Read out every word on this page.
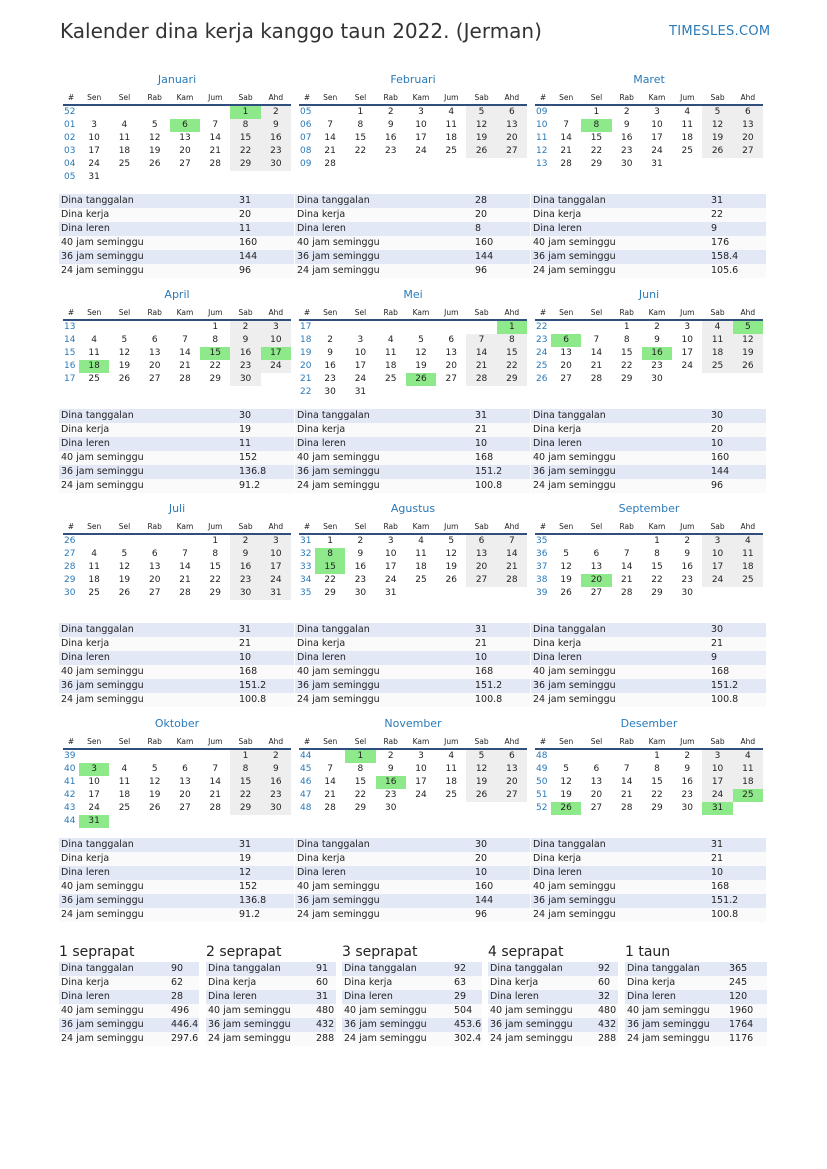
Kalender dina kerja kanggo taun 2022. (Jerman)	TIMESLES.COM
Januari
#	Sen	Sel	Rab	Kam	Jum	Sab	Ahd
52						1	2
01	3	4	5	6	7	8	9
02	10	11	12	13	14	15	16
03	17	18	19	20	21	22	23
04	24	25	26	27	28	29	30
05	31						
Dina tanggalan	31
Dina kerja	20
Dina leren	11
40 jam seminggu	160
36 jam seminggu	144
24 jam seminggu	96
Februari
#	Sen	Sel	Rab	Kam	Jum	Sab	Ahd
05		1	2	3	4	5	6
06	7	8	9	10	11	12	13
07	14	15	16	17	18	19	20
08	21	22	23	24	25	26	27
09	28						
Dina tanggalan	28
Dina kerja	20
Dina leren	8
40 jam seminggu	160
36 jam seminggu	144
24 jam seminggu	96
Maret
#	Sen	Sel	Rab	Kam	Jum	Sab	Ahd
09		1	2	3	4	5	6
10	7	8	9	10	11	12	13
11	14	15	16	17	18	19	20
12	21	22	23	24	25	26	27
13	28	29	30	31			
Dina tanggalan	31
Dina kerja	22
Dina leren	9
40 jam seminggu	176
36 jam seminggu	158.4
24 jam seminggu	105.6
April
#	Sen	Sel	Rab	Kam	Jum	Sab	Ahd
13					1	2	3
14	4	5	6	7	8	9	10
15	11	12	13	14	15	16	17
16	18	19	20	21	22	23	24
17	25	26	27	28	29	30	
Dina tanggalan	30
Dina kerja	19
Dina leren	11
40 jam seminggu	152
36 jam seminggu	136.8
24 jam seminggu	91.2
Mei
#	Sen	Sel	Rab	Kam	Jum	Sab	Ahd
17							1
18	2	3	4	5	6	7	8
19	9	10	11	12	13	14	15
20	16	17	18	19	20	21	22
21	23	24	25	26	27	28	29
22	30	31					
Dina tanggalan	31
Dina kerja	21
Dina leren	10
40 jam seminggu	168
36 jam seminggu	151.2
24 jam seminggu	100.8
Juni
#	Sen	Sel	Rab	Kam	Jum	Sab	Ahd
22			1	2	3	4	5
23	6	7	8	9	10	11	12
24	13	14	15	16	17	18	19
25	20	21	22	23	24	25	26
26	27	28	29	30			
Dina tanggalan	30
Dina kerja	20
Dina leren	10
40 jam seminggu	160
36 jam seminggu	144
24 jam seminggu	96
Juli
#	Sen	Sel	Rab	Kam	Jum	Sab	Ahd
26					1	2	3
27	4	5	6	7	8	9	10
28	11	12	13	14	15	16	17
29	18	19	20	21	22	23	24
30	25	26	27	28	29	30	31
Dina tanggalan	31
Dina kerja	21
Dina leren	10
40 jam seminggu	168
36 jam seminggu	151.2
24 jam seminggu	100.8
Agustus
#	Sen	Sel	Rab	Kam	Jum	Sab	Ahd
31	1	2	3	4	5	6	7
32	8	9	10	11	12	13	14
33	15	16	17	18	19	20	21
34	22	23	24	25	26	27	28
35	29	30	31				
Dina tanggalan	31
Dina kerja	21
Dina leren	10
40 jam seminggu	168
36 jam seminggu	151.2
24 jam seminggu	100.8
September
#	Sen	Sel	Rab	Kam	Jum	Sab	Ahd
35				1	2	3	4
36	5	6	7	8	9	10	11
37	12	13	14	15	16	17	18
38	19	20	21	22	23	24	25
39	26	27	28	29	30		
Dina tanggalan	30
Dina kerja	21
Dina leren	9
40 jam seminggu	168
36 jam seminggu	151.2
24 jam seminggu	100.8
Oktober
#	Sen	Sel	Rab	Kam	Jum	Sab	Ahd
39						1	2
40	3	4	5	6	7	8	9
41	10	11	12	13	14	15	16
42	17	18	19	20	21	22	23
43	24	25	26	27	28	29	30
44	31						
Dina tanggalan	31
Dina kerja	19
Dina leren	12
40 jam seminggu	152
36 jam seminggu	136.8
24 jam seminggu	91.2
November
#	Sen	Sel	Rab	Kam	Jum	Sab	Ahd
44		1	2	3	4	5	6
45	7	8	9	10	11	12	13
46	14	15	16	17	18	19	20
47	21	22	23	24	25	26	27
48	28	29	30				
Dina tanggalan	30
Dina kerja	20
Dina leren	10
40 jam seminggu	160
36 jam seminggu	144
24 jam seminggu	96
Desember
#	Sen	Sel	Rab	Kam	Jum	Sab	Ahd
48				1	2	3	4
49	5	6	7	8	9	10	11
50	12	13	14	15	16	17	18
51	19	20	21	22	23	24	25
52	26	27	28	29	30	31	
Dina tanggalan	31
Dina kerja	21
Dina leren	10
40 jam seminggu	168
36 jam seminggu	151.2
24 jam seminggu	100.8
1 seprapat
Dina tanggalan	90
Dina kerja	62
Dina leren	28
40 jam seminggu	496
36 jam seminggu	446.4
24 jam seminggu	297.6
2 seprapat
Dina tanggalan	91
Dina kerja	60
Dina leren	31
40 jam seminggu	480
36 jam seminggu	432
24 jam seminggu	288
3 seprapat
Dina tanggalan	92
Dina kerja	63
Dina leren	29
40 jam seminggu	504
36 jam seminggu	453.6
24 jam seminggu	302.4
4 seprapat
Dina tanggalan	92
Dina kerja	60
Dina leren	32
40 jam seminggu	480
36 jam seminggu	432
24 jam seminggu	288
1 taun
Dina tanggalan	365
Dina kerja	245
Dina leren	120
40 jam seminggu	1960
36 jam seminggu	1764
24 jam seminggu	1176
